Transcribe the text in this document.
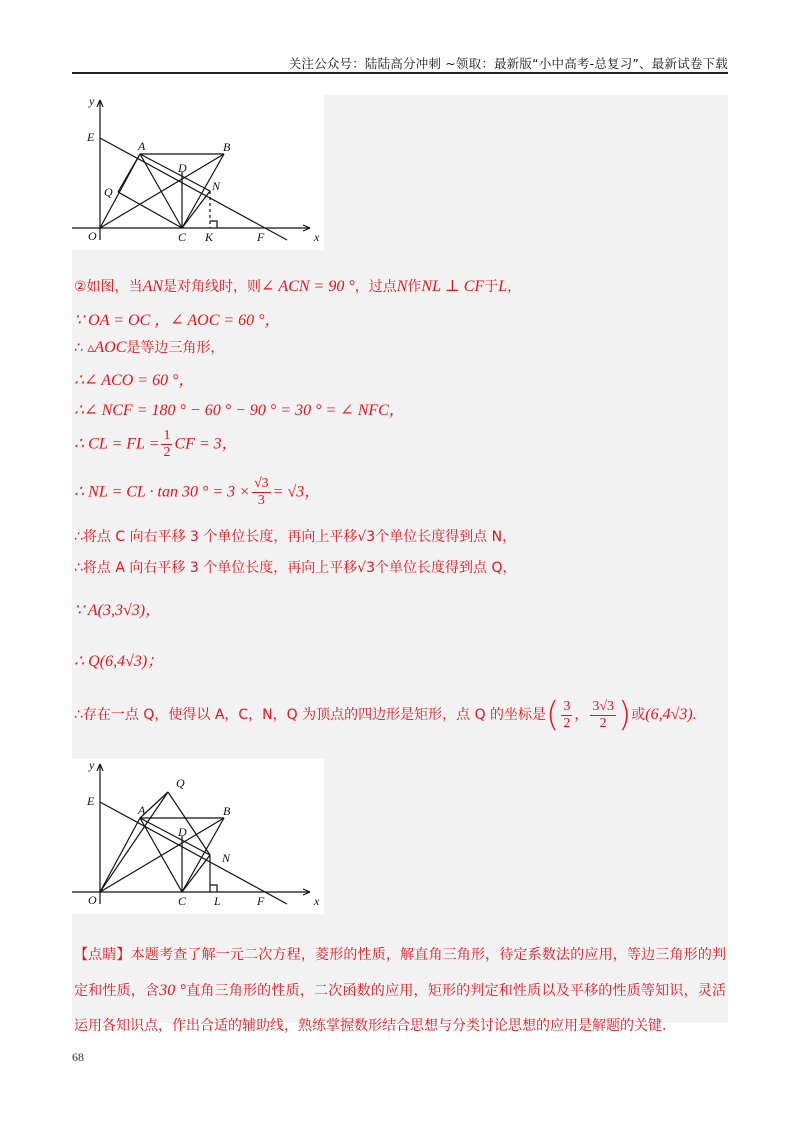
关注公众号：陆陆高分冲刺 ~领取：最新版“小中高考-总复习”、最新试卷下载
y
x
E
A	B
D
Q	N
O	C K	F
②如图，当AN是对角线时，则∠ ACN = 90 °，过点N作NL ⊥ CF于L，
∵ OA = OC ，∠ AOC = 60 °，
∴ ▵AOC是等边三角形，
∴∠ ACO = 60 °，
∴∠ NCF = 180 ° − 60 ° − 90 ° = 30 ° = ∠ NFC，
∴ CL = FL = $\frac{1}{2}$ CF = 3，
∴ NL = CL · tan 30 ° = $3 \times \frac{√3}{3} = √3$，
∴将点 C 向右平移 3 个单位长度，再向上平移√3个单位长度得到点 N，
∴将点 A 向右平移 3 个单位长度，再向上平移√3个单位长度得到点 Q，
∵ A(3,3√3)，
∴ Q(6,4√3)；
∴存在一点 Q，使得以 A，C，N，Q 为顶点的四边形是矩形，点 Q 的坐标是( $\frac{3}{2}$ ， $\frac{3√3}{2}$ )或(6,4√3).
y
x
E
Q
A	B
D
N
O	C L	F
【点睛】本题考查了解一元二次方程，菱形的性质，解直角三角形，待定系数法的应用，等边三角形的判定和性质，含30 °直角三角形的性质，二次函数的应用，矩形的判定和性质以及平移的性质等知识，灵活运用各知识点，作出合适的辅助线，熟练掌握数形结合思想与分类讨论思想的应用是解题的关键.
68
